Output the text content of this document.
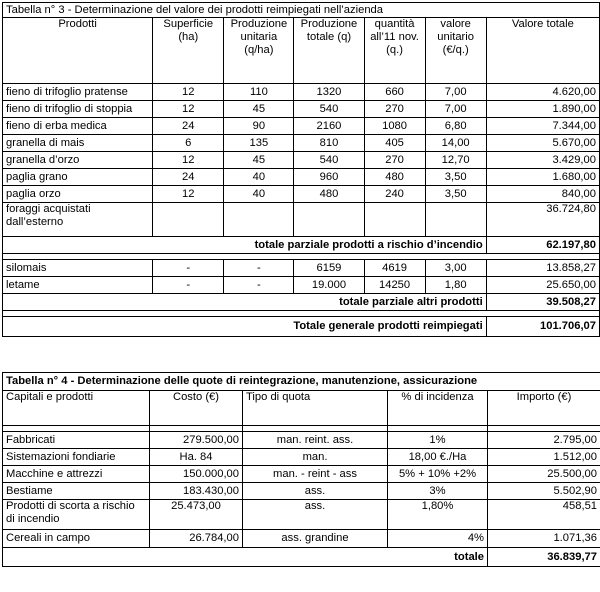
Tabella n° 3 - Determinazione del valore dei prodotti reimpiegati nell’azienda						
Prodotti	Superficie (ha)	Produzione unitaria (q/ha)	Produzione totale (q)	quantità all’11 nov. (q.)	valore unitario (€/q.)	Valore totale
fieno di trifoglio pratense	12	110	1320	660	7,00	4.620,00
fieno di trifoglio di stoppia	12	45	540	270	7,00	1.890,00
fieno di erba medica	24	90	2160	1080	6,80	7.344,00
granella di mais	6	135	810	405	14,00	5.670,00
granella d’orzo	12	45	540	270	12,70	3.429,00
paglia grano	24	40	960	480	3,50	1.680,00
paglia orzo	12	40	480	240	3,50	840,00
foraggi acquistati dall’esterno						36.724,80
totale parziale prodotti a rischio d’incendio						62.197,80

silomais	-	-	6159	4619	3,00	13.858,27
letame	-	-	19.000	14250	1,80	25.650,00
totale parziale altri prodotti						39.508,27

Totale generale prodotti reimpiegati						101.706,07
Tabella n° 4 - Determinazione delle quote di reintegrazione, manutenzione, assicurazione				
Capitali e prodotti	Costo (€)	Tipo di quota	% di incidenza	Importo (€)

Fabbricati	279.500,00	man. reint. ass.	1%	2.795,00
Sistemazioni fondiarie	Ha. 84	man.	18,00 €./Ha	1.512,00
Macchine e attrezzi	150.000,00	man. - reint - ass	5% + 10% +2%	25.500,00
Bestiame	183.430,00	ass.	3%	5.502,90
Prodotti di scorta a rischio di incendio	25.473,00	ass.	1,80%	458,51
Cereali in campo	26.784,00	ass. grandine	4%	1.071,36
totale				36.839,77
